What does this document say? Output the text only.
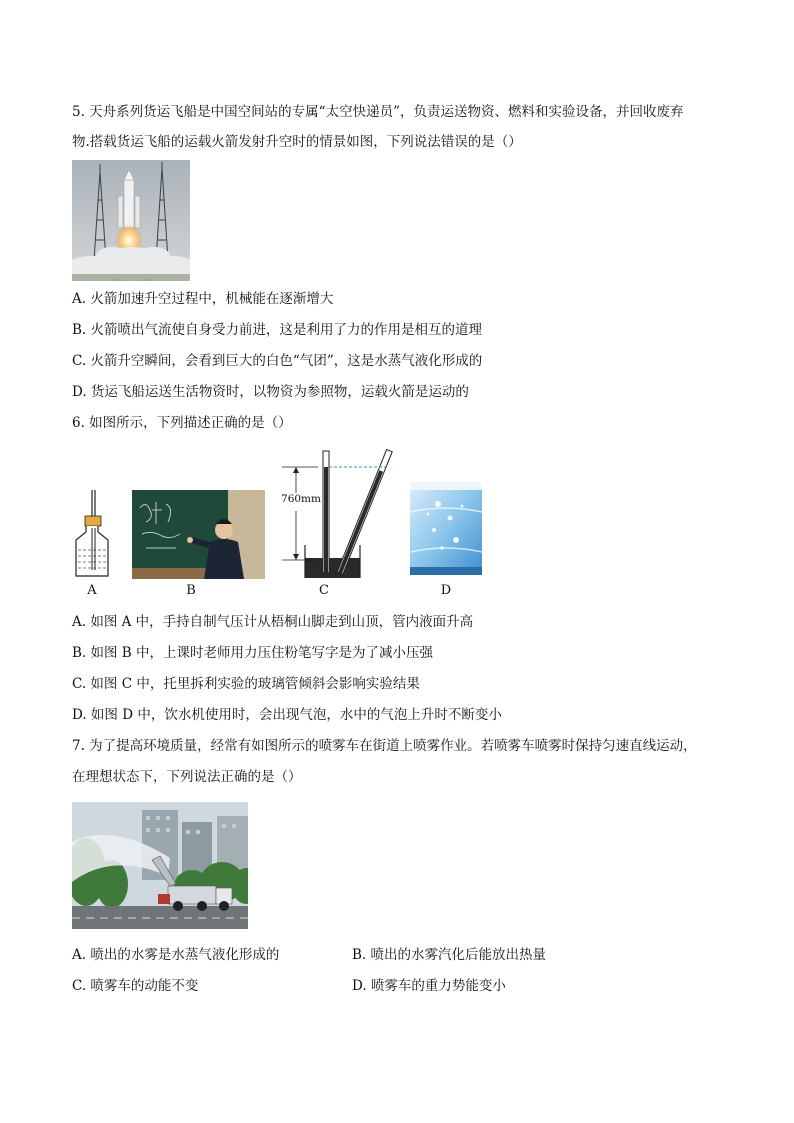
5. 天舟系列货运飞船是中国空间站的专属“太空快递员”，负责运送物资、燃料和实验设备，并回收废弃
物.搭载货运飞船的运载火箭发射升空时的情景如图，下列说法错误的是（）
A. 火箭加速升空过程中，机械能在逐渐增大
B. 火箭喷出气流使自身受力前进，这是利用了力的作用是相互的道理
C. 火箭升空瞬间，会看到巨大的白色“气团”，这是水蒸气液化形成的
D. 货运飞船运送生活物资时，以物资为参照物，运载火箭是运动的
6. 如图所示，下列描述正确的是（）
A	B
760mm
C	D
A. 如图 A 中，手持自制气压计从梧桐山脚走到山顶，管内液面升高
B. 如图 B 中，上课时老师用力压住粉笔写字是为了减小压强
C. 如图 C 中，托里拆利实验的玻璃管倾斜会影响实验结果
D. 如图 D 中，饮水机使用时，会出现气泡，水中的气泡上升时不断变小
7. 为了提高环境质量，经常有如图所示的喷雾车在街道上喷雾作业。若喷雾车喷雾时保持匀速直线运动，
在理想状态下，下列说法正确的是（）
A. 喷出的水雾是水蒸气液化形成的	B. 喷出的水雾汽化后能放出热量
C. 喷雾车的动能不变	D. 喷雾车的重力势能变小
